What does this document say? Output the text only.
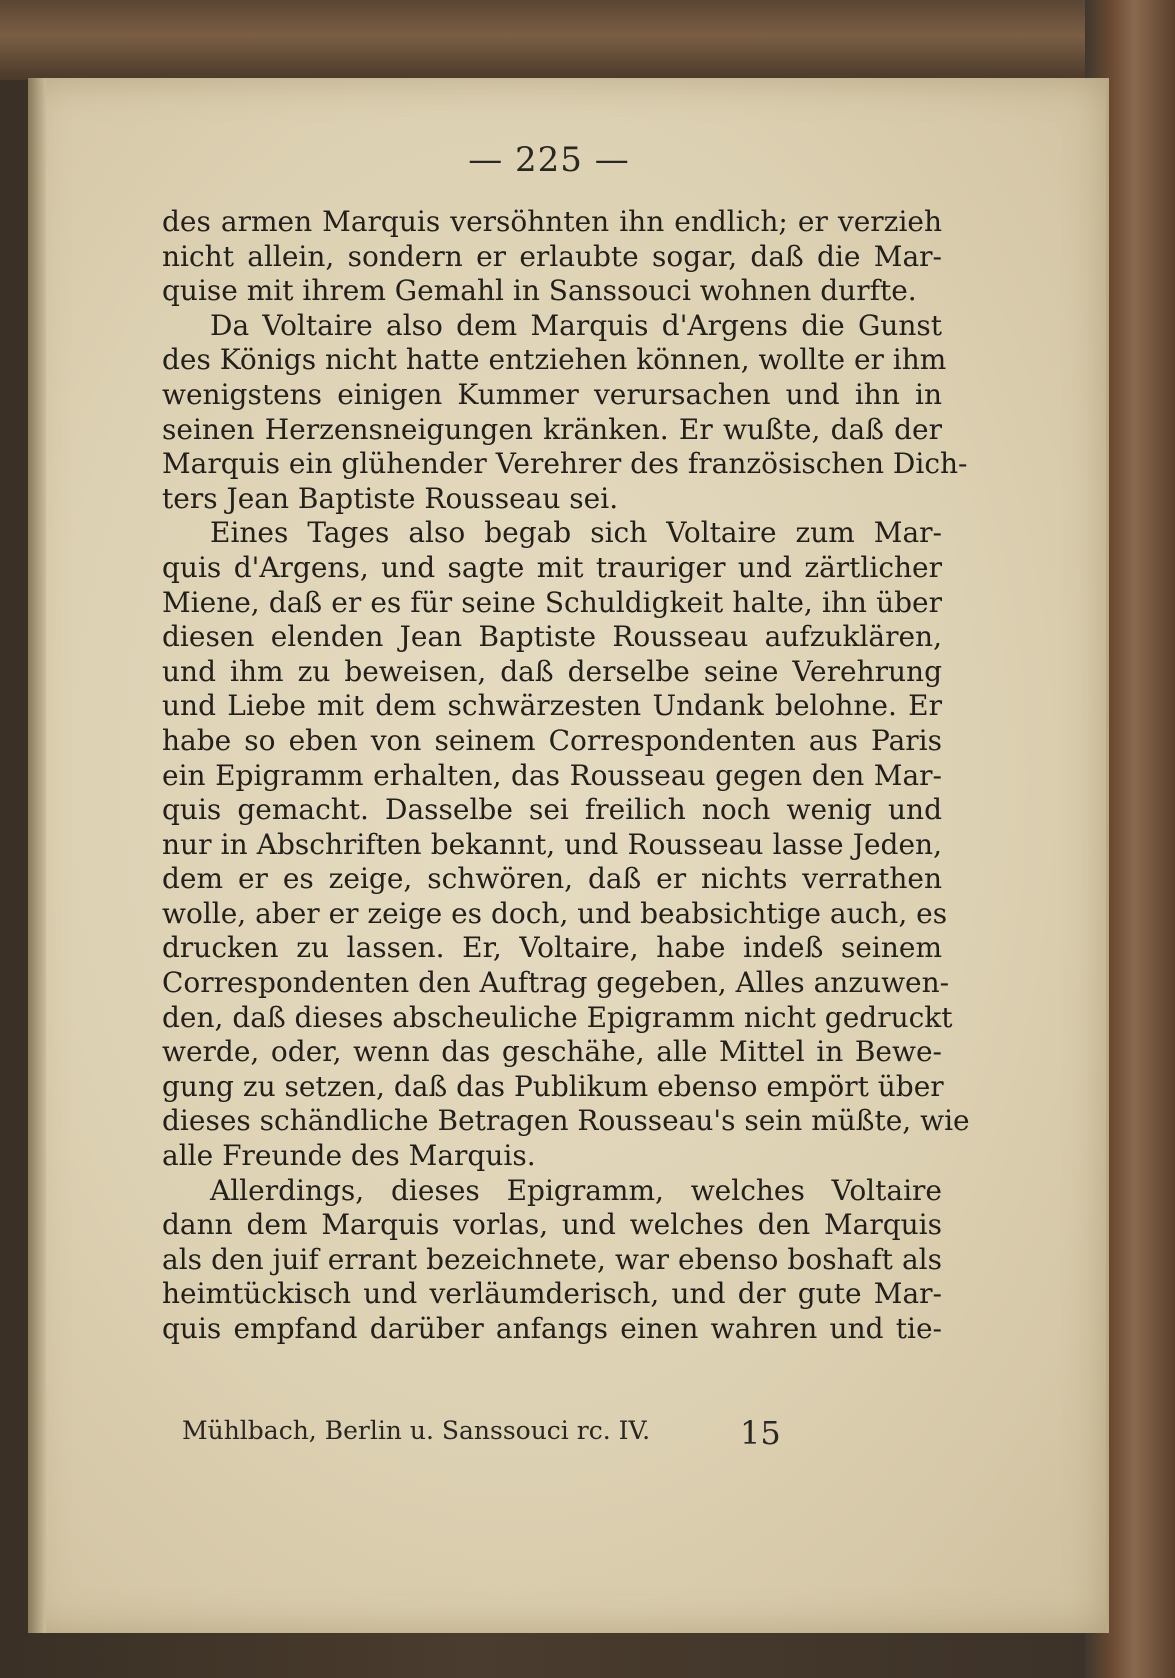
— 225 —
des armen Marquis versöhnten ihn endlich; er verzieh
nicht allein, sondern er erlaubte sogar, daß die Mar-
quise mit ihrem Gemahl in Sanssouci wohnen durfte.
Da Voltaire also dem Marquis d'Argens die Gunst
des Königs nicht hatte entziehen können, wollte er ihm
wenigstens einigen Kummer verursachen und ihn in
seinen Herzensneigungen kränken. Er wußte, daß der
Marquis ein glühender Verehrer des französischen Dich-
ters Jean Baptiste Rousseau sei.
Eines Tages also begab sich Voltaire zum Mar-
quis d'Argens, und sagte mit trauriger und zärtlicher
Miene, daß er es für seine Schuldigkeit halte, ihn über
diesen elenden Jean Baptiste Rousseau aufzuklären,
und ihm zu beweisen, daß derselbe seine Verehrung
und Liebe mit dem schwärzesten Undank belohne. Er
habe so eben von seinem Correspondenten aus Paris
ein Epigramm erhalten, das Rousseau gegen den Mar-
quis gemacht. Dasselbe sei freilich noch wenig und
nur in Abschriften bekannt, und Rousseau lasse Jeden,
dem er es zeige, schwören, daß er nichts verrathen
wolle, aber er zeige es doch, und beabsichtige auch, es
drucken zu lassen. Er, Voltaire, habe indeß seinem
Correspondenten den Auftrag gegeben, Alles anzuwen-
den, daß dieses abscheuliche Epigramm nicht gedruckt
werde, oder, wenn das geschähe, alle Mittel in Bewe-
gung zu setzen, daß das Publikum ebenso empört über
dieses schändliche Betragen Rousseau's sein müßte, wie
alle Freunde des Marquis.
Allerdings, dieses Epigramm, welches Voltaire
dann dem Marquis vorlas, und welches den Marquis
als den juif errant bezeichnete, war ebenso boshaft als
heimtückisch und verläumderisch, und der gute Mar-
quis empfand darüber anfangs einen wahren und tie-
Mühlbach, Berlin u. Sanssouci rc. IV.	15
